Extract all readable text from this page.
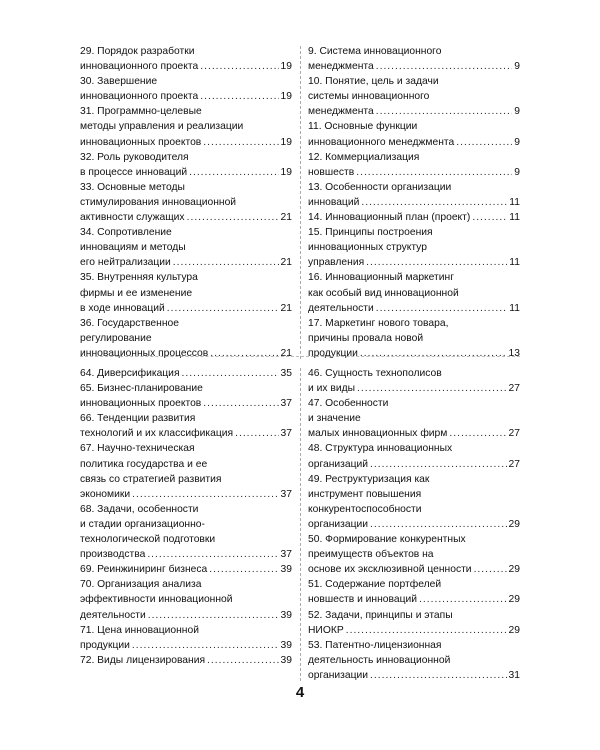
29. Порядок разработки
инновационного проекта .....	19
30. Завершение
инновационного проекта .....	19
31. Программно-целевые
методы управления и реализации
инновационных проектов .....	19
32. Роль руководителя
в процессе инноваций .....	19
33. Основные методы
стимулирования инновационной
активности служащих .....	21
34. Сопротивление
инновациям и методы
его нейтрализации .....	21
35. Внутренняя культура
фирмы и ее изменение
в ходе инноваций .....	21
36. Государственное
регулирование
инновационных процессов .....	21
9. Система инновационного
менеджмента .....	9
10. Понятие, цель и задачи
системы инновационного
менеджмента .....	9
11. Основные функции
инновационного менеджмента .....	9
12. Коммерциализация
новшеств .....	9
13. Особенности организации
инноваций .....	11
14. Инновационный план (проект) .....	11
15. Принципы построения
инновационных структур
управления .....	11
16. Инновационный маркетинг
как особый вид инновационной
деятельности .....	11
17. Маркетинг нового товара,
причины провала новой
продукции .....	13
64. Диверсификация .....	35
65. Бизнес-планирование
инновационных проектов .....	37
66. Тенденции развития
технологий и их классификация .....	37
67. Научно-техническая
политика государства и ее
связь со стратегией развития
экономики .....	37
68. Задачи, особенности
и стадии организационно-
технологической подготовки
производства .....	37
69. Реинжиниринг бизнеса .....	39
70. Организация анализа
эффективности инновационной
деятельности .....	39
71. Цена инновационной
продукции .....	39
72. Виды лицензирования .....	39
46. Сущность технополисов
и их виды .....	27
47. Особенности
и значение
малых инновационных фирм .....	27
48. Структура инновационных
организаций .....	27
49. Реструктуризация как
инструмент повышения
конкурентоспособности
организации .....	29
50. Формирование конкурентных
преимуществ объектов на
основе их эксклюзивной ценности .....	29
51. Содержание портфелей
новшеств и инноваций .....	29
52. Задачи, принципы и этапы
НИОКР .....	29
53. Патентно-лицензионная
деятельность инновационной
организации .....	31
4
